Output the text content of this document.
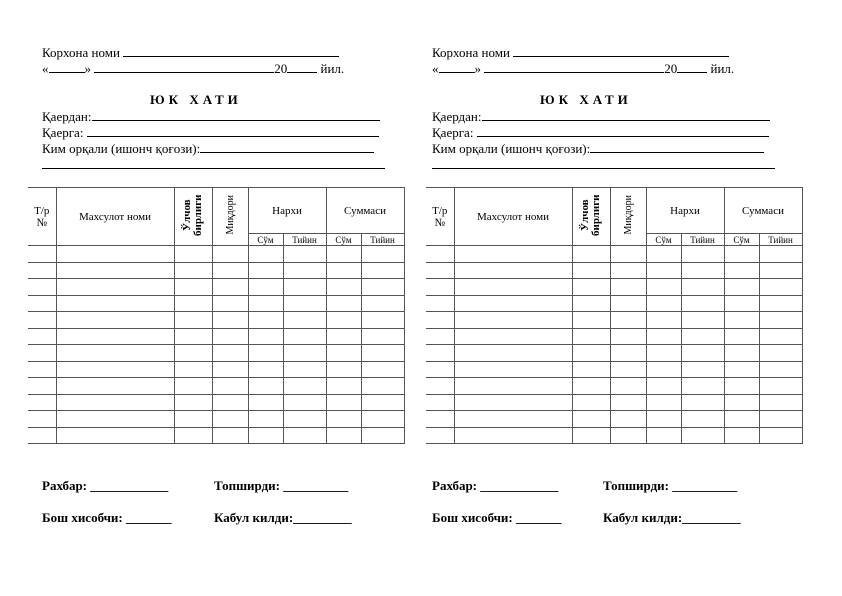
Корхона номи
«	»	20	йил.
ЮК ХАТИ
Қаердан:
Қаерга:
Ким орқали (ишонч қоғози):
Т/р №	Махсулот номи	Ўлчов бирлиги	Миқдори	Нархи		Суммаси	
				Сўм	Тийин	Сўм	Тийин

Рахбар: ____________	Топширди: __________
Бош хисобчи: _______	Кабул килди:_________
Корхона номи
«	»	20	йил.
ЮК ХАТИ
Қаердан:
Қаерга:
Ким орқали (ишонч қоғози):
Т/р №	Махсулот номи	Ўлчов бирлиги	Миқдори	Нархи		Суммаси	
				Сўм	Тийин	Сўм	Тийин

Рахбар: ____________	Топширди: __________
Бош хисобчи: _______	Кабул килди:_________
